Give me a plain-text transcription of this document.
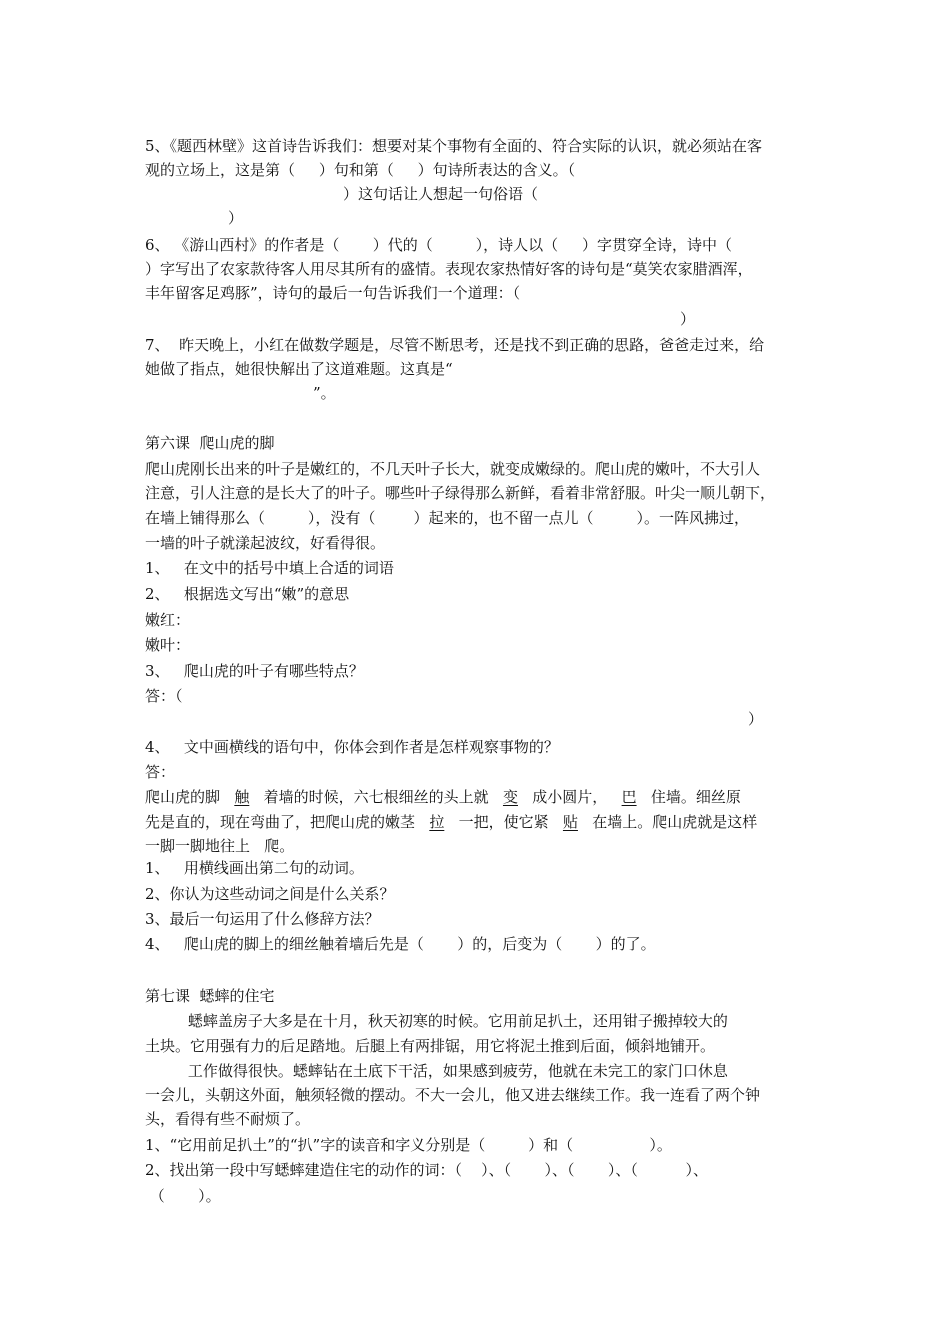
5、《题西林壁》这首诗告诉我们：想要对某个事物有全面的、符合实际的认识，就必须站在客
观的立场上，这是第（     ）句和第（     ）句诗所表达的含义。（
）这句话让人想起一句俗语（
）
6、 《游山西村》的作者是（       ）代的（         ），诗人以（     ）字贯穿全诗，诗中（
）字写出了农家款待客人用尽其所有的盛情。表现农家热情好客的诗句是“莫笑农家腊酒浑，
丰年留客足鸡豚”，诗句的最后一句告诉我们一个道理：（
）
7、  昨天晚上，小红在做数学题是，尽管不断思考，还是找不到正确的思路，爸爸走过来，给
她做了指点，她很快解出了这道难题。这真是“
”。
第六课  爬山虎的脚
爬山虎刚长出来的叶子是嫩红的，不几天叶子长大，就变成嫩绿的。爬山虎的嫩叶，不大引人
注意，引人注意的是长大了的叶子。哪些叶子绿得那么新鲜，看着非常舒服。叶尖一顺儿朝下，
在墙上铺得那么（         ），没有（        ）起来的，也不留一点儿（         ）。一阵风拂过，
一墙的叶子就漾起波纹，好看得很。
1、   在文中的括号中填上合适的词语
2、   根据选文写出“嫩”的意思
嫩红：
嫩叶：
3、   爬山虎的叶子有哪些特点？
答：（
）
4、   文中画横线的语句中，你体会到作者是怎样观察事物的？
答：
1、   用横线画出第二句的动词。
2、你认为这些动词之间是什么关系？
3、最后一句运用了什么修辞方法？
4、   爬山虎的脚上的细丝触着墙后先是（       ）的，后变为（       ）的了。
第七课  蟋蟀的住宅
蟋蟀盖房子大多是在十月，秋天初寒的时候。它用前足扒土，还用钳子搬掉较大的
土块。它用强有力的后足踏地。后腿上有两排锯，用它将泥土推到后面，倾斜地铺开。
工作做得很快。蟋蟀钻在土底下干活，如果感到疲劳，他就在未完工的家门口休息
一会儿，头朝这外面，触须轻微的摆动。不大一会儿，他又进去继续工作。我一连看了两个钟
头，看得有些不耐烦了。
1、“它用前足扒土”的“扒”字的读音和字义分别是（         ）和（                ）。
2、找出第一段中写蟋蟀建造住宅的动作的词：（    ）、（       ）、（       ）、（          ）、
（       ）。
爬山虎的脚   触   着墙的时候，六七根细丝的头上就   变   成小圆片，   巴   住墙。细丝原
先是直的，现在弯曲了，把爬山虎的嫩茎   拉   一把，使它紧   贴   在墙上。爬山虎就是这样
一脚一脚地往上   爬。
